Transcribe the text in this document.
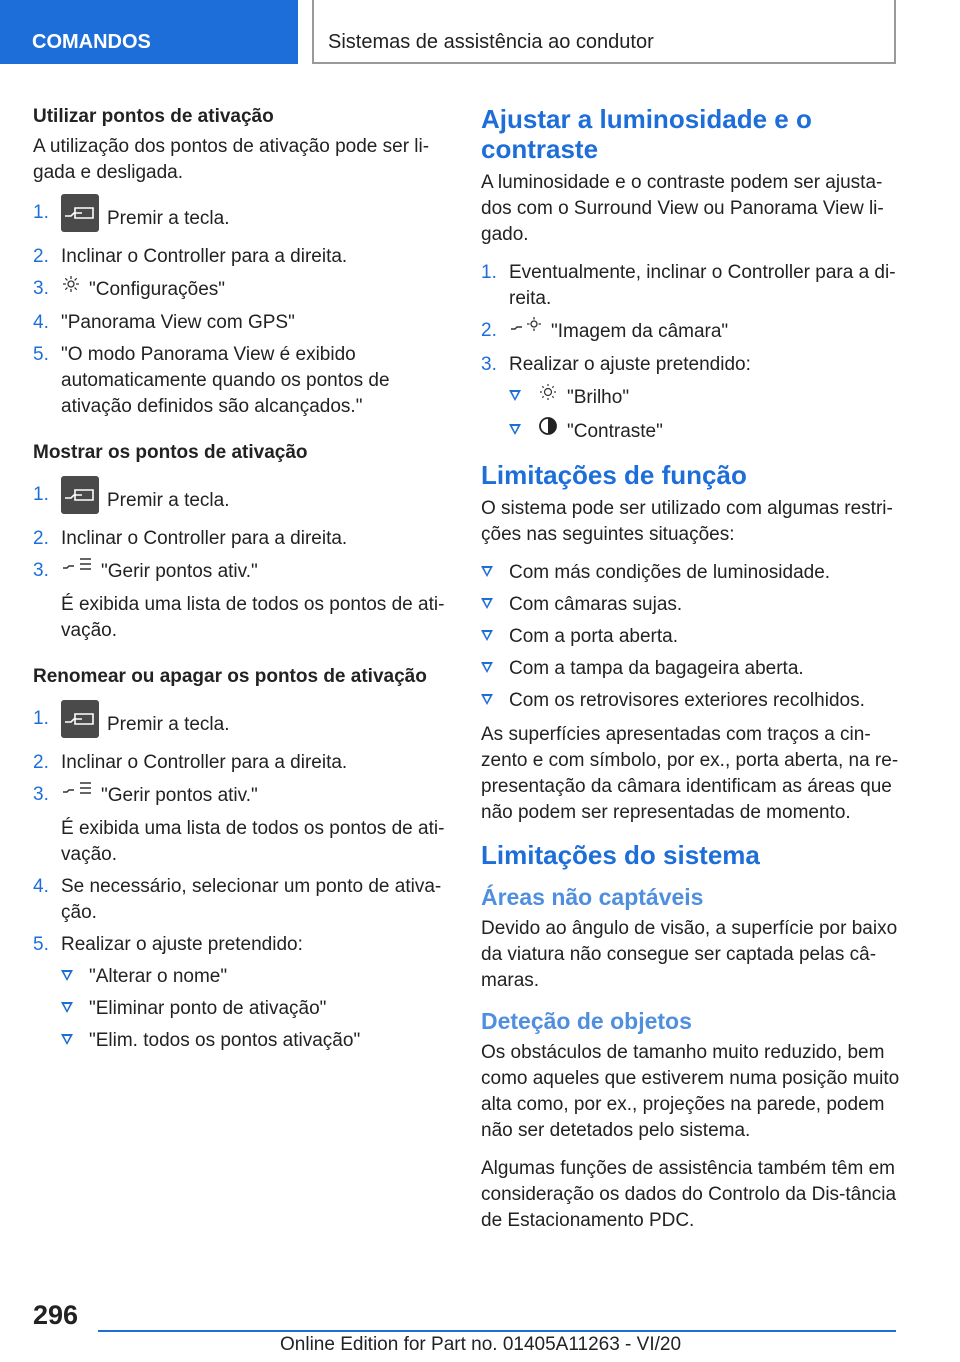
COMANDOS	Sistemas de assistência ao condutor
Utilizar pontos de ativação

A utilização dos pontos de ativação pode ser li-gada e desligada.

1.	Premir a tecla.
2. Inclinar o Controller para a direita.
3. "Configurações"
4. "Panorama View com GPS"
5. "O modo Panorama View é exibido automaticamente quando os pontos de ativação definidos são alcançados."
Mostrar os pontos de ativação
1.	Premir a tecla.
2. Inclinar o Controller para a direita.
3.	"Gerir pontos ativ."
É exibida uma lista de todos os pontos de ati-vação.
Renomear ou apagar os pontos de ativação
1.	Premir a tecla.
2. Inclinar o Controller para a direita.
3.	"Gerir pontos ativ."
É exibida uma lista de todos os pontos de ati-vação.
4. Se necessário, selecionar um ponto de ativa-ção.
5. Realizar o ajuste pretendido:
"Alterar o nome"
"Eliminar ponto de ativação"
"Elim. todos os pontos ativação"
Ajustar a luminosidade e o contraste

A luminosidade e o contraste podem ser ajusta-dos com o Surround View ou Panorama View li-gado.

1. Eventualmente, inclinar o Controller para a di-reita.
2.	"Imagem da câmara"
3. Realizar o ajuste pretendido:
"Brilho"
"Contraste"
Limitações de função

O sistema pode ser utilizado com algumas restri-ções nas seguintes situações:

Com más condições de luminosidade.
Com câmaras sujas.
Com a porta aberta.
Com a tampa da bagageira aberta.
Com os retrovisores exteriores recolhidos.

As superfícies apresentadas com traços a cin-zento e com símbolo, por ex., porta aberta, na re-presentação da câmara identificam as áreas que não podem ser representadas de momento.

Limitações do sistema
Áreas não captáveis

Devido ao ângulo de visão, a superfície por baixo da viatura não consegue ser captada pelas câ-maras.

Deteção de objetos

Os obstáculos de tamanho muito reduzido, bem como aqueles que estiverem numa posição muito alta como, por ex., projeções na parede, podem não ser detetados pelo sistema.

Algumas funções de assistência também têm em consideração os dados do Controlo da Dis-tância de Estacionamento PDC.

296
Online Edition for Part no. 01405A11263 - VI/20
